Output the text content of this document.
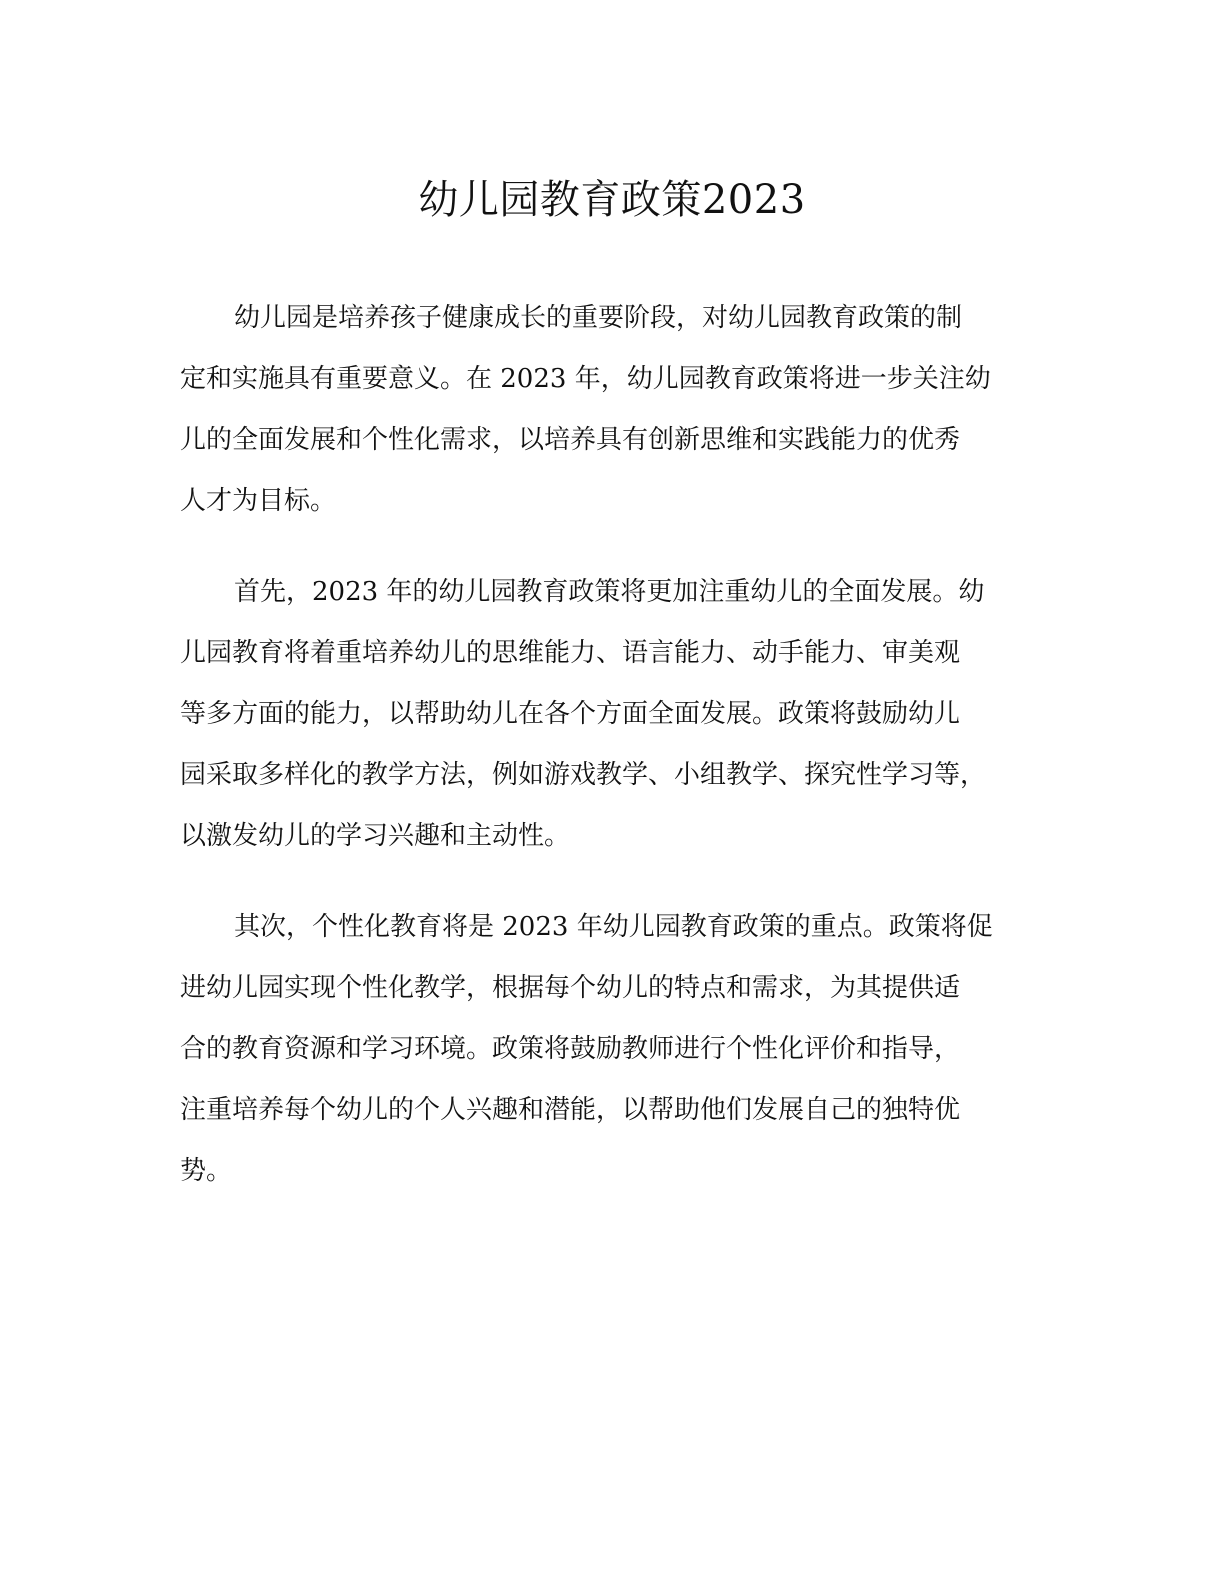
幼儿园教育政策2023
幼儿园是培养孩子健康成长的重要阶段，对幼儿园教育政策的制
定和实施具有重要意义。在 2023 年，幼儿园教育政策将进一步关注幼
儿的全面发展和个性化需求，以培养具有创新思维和实践能力的优秀
人才为目标。
首先，2023 年的幼儿园教育政策将更加注重幼儿的全面发展。幼
儿园教育将着重培养幼儿的思维能力、语言能力、动手能力、审美观
等多方面的能力，以帮助幼儿在各个方面全面发展。政策将鼓励幼儿
园采取多样化的教学方法，例如游戏教学、小组教学、探究性学习等，
以激发幼儿的学习兴趣和主动性。
其次，个性化教育将是 2023 年幼儿园教育政策的重点。政策将促
进幼儿园实现个性化教学，根据每个幼儿的特点和需求，为其提供适
合的教育资源和学习环境。政策将鼓励教师进行个性化评价和指导，
注重培养每个幼儿的个人兴趣和潜能，以帮助他们发展自己的独特优
势。
